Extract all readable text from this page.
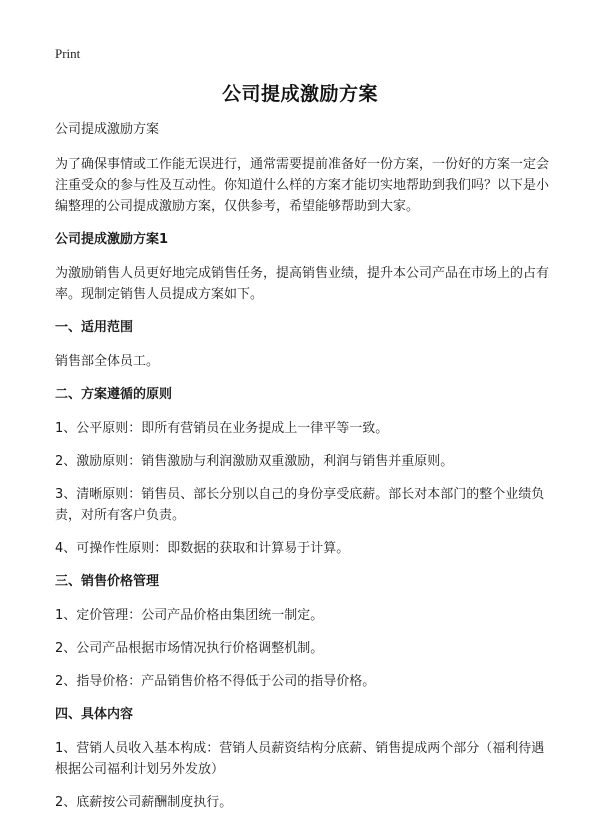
Print
公司提成激励方案

公司提成激励方案

为了确保事情或工作能无误进行，通常需要提前准备好一份方案，一份好的方案一定会注重受众的参与性及互动性。你知道什么样的方案才能切实地帮助到我们吗？以下是小编整理的公司提成激励方案，仅供参考，希望能够帮助到大家。

公司提成激励方案1

为激励销售人员更好地完成销售任务，提高销售业绩，提升本公司产品在市场上的占有率。现制定销售人员提成方案如下。

一、适用范围

销售部全体员工。

二、方案遵循的原则

1、公平原则：即所有营销员在业务提成上一律平等一致。

2、激励原则：销售激励与利润激励双重激励，利润与销售并重原则。

3、清晰原则：销售员、部长分别以自己的身份享受底薪。部长对本部门的整个业绩负责，对所有客户负责。

4、可操作性原则：即数据的获取和计算易于计算。

三、销售价格管理

1、定价管理：公司产品价格由集团统一制定。

2、公司产品根据市场情况执行价格调整机制。

2、指导价格：产品销售价格不得低于公司的指导价格。

四、具体内容

1、营销人员收入基本构成：营销人员薪资结构分底薪、销售提成两个部分（福利待遇根据公司福利计划另外发放）

2、底薪按公司薪酬制度执行。
